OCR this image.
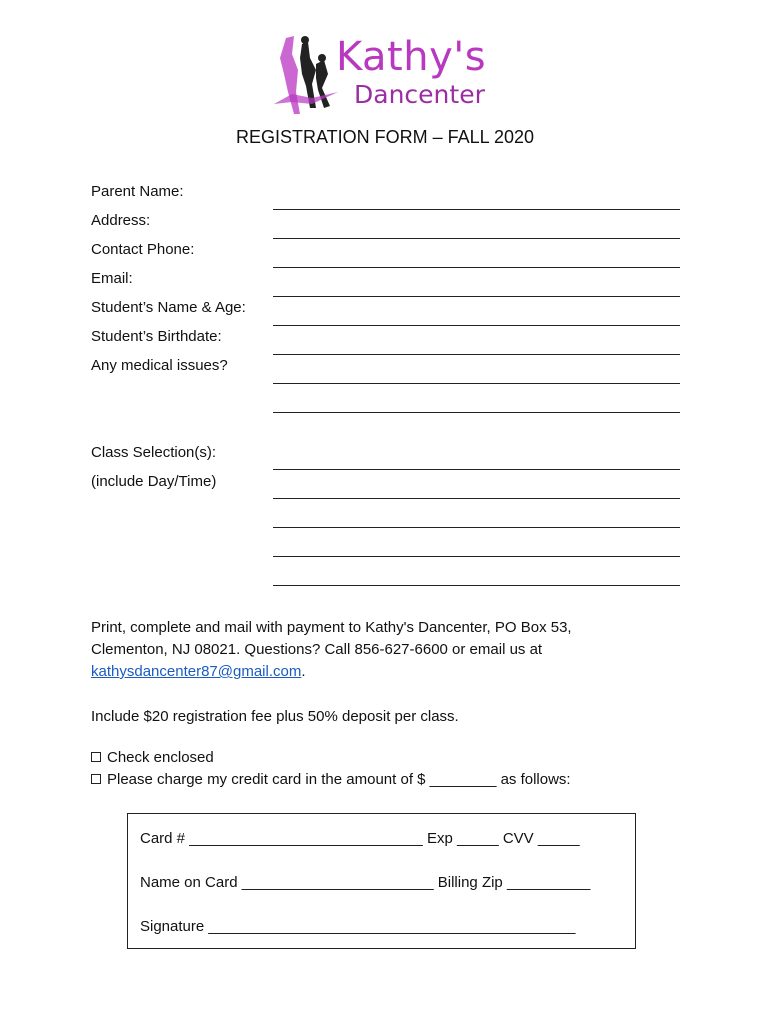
Kathy's
Dancenter
REGISTRATION FORM – FALL 2020
Parent Name:
Address:
Contact Phone:
Email:
Student’s Name & Age:
Student’s Birthdate:
Any medical issues?
Class Selection(s):
(include Day/Time)
Print, complete and mail with payment to Kathy's Dancenter, PO Box 53,
Clementon, NJ 08021. Questions? Call 856-627-6600 or email us at
kathysdancenter87@gmail.com.
Include $20 registration fee plus 50% deposit per class.
Check enclosed
Please charge my credit card in the amount of $ ________ as follows:
Card # ____________________________ Exp _____ CVV _____
Name on Card _______________________ Billing Zip __________
Signature ____________________________________________
